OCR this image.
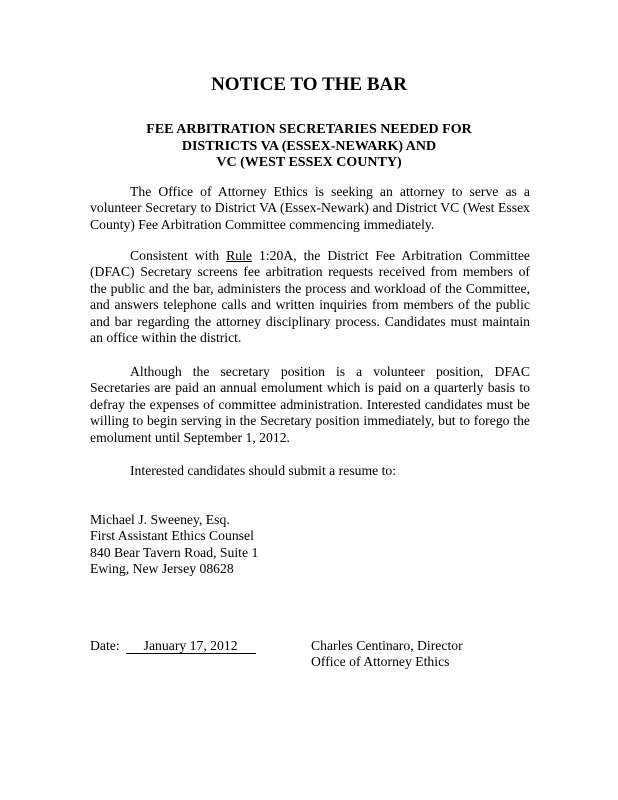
NOTICE TO THE BAR
FEE ARBITRATION SECRETARIES NEEDED FOR
DISTRICTS VA (ESSEX-NEWARK) AND
VC (WEST ESSEX COUNTY)

The Office of Attorney Ethics is seeking an attorney to serve as a volunteer Secretary to District VA (Essex-Newark) and District VC (West Essex County) Fee Arbitration Committee commencing immediately.

Consistent with Rule 1:20A, the District Fee Arbitration Committee (DFAC) Secretary screens fee arbitration requests received from members of the public and the bar, administers the process and workload of the Committee, and answers telephone calls and written inquiries from members of the public and bar regarding the attorney disciplinary process. Candidates must maintain an office within the district.

Although the secretary position is a volunteer position, DFAC Secretaries are paid an annual emolument which is paid on a quarterly basis to defray the expenses of committee administration. Interested candidates must be willing to begin serving in the Secretary position immediately, but to forego the emolument until September 1, 2012.

Interested candidates should submit a resume to:

Michael J. Sweeney, Esq.
First Assistant Ethics Counsel
840 Bear Tavern Road, Suite 1
Ewing, New Jersey 08628
Date: January 17, 2012	Charles Centinaro, Director
Office of Attorney Ethics
